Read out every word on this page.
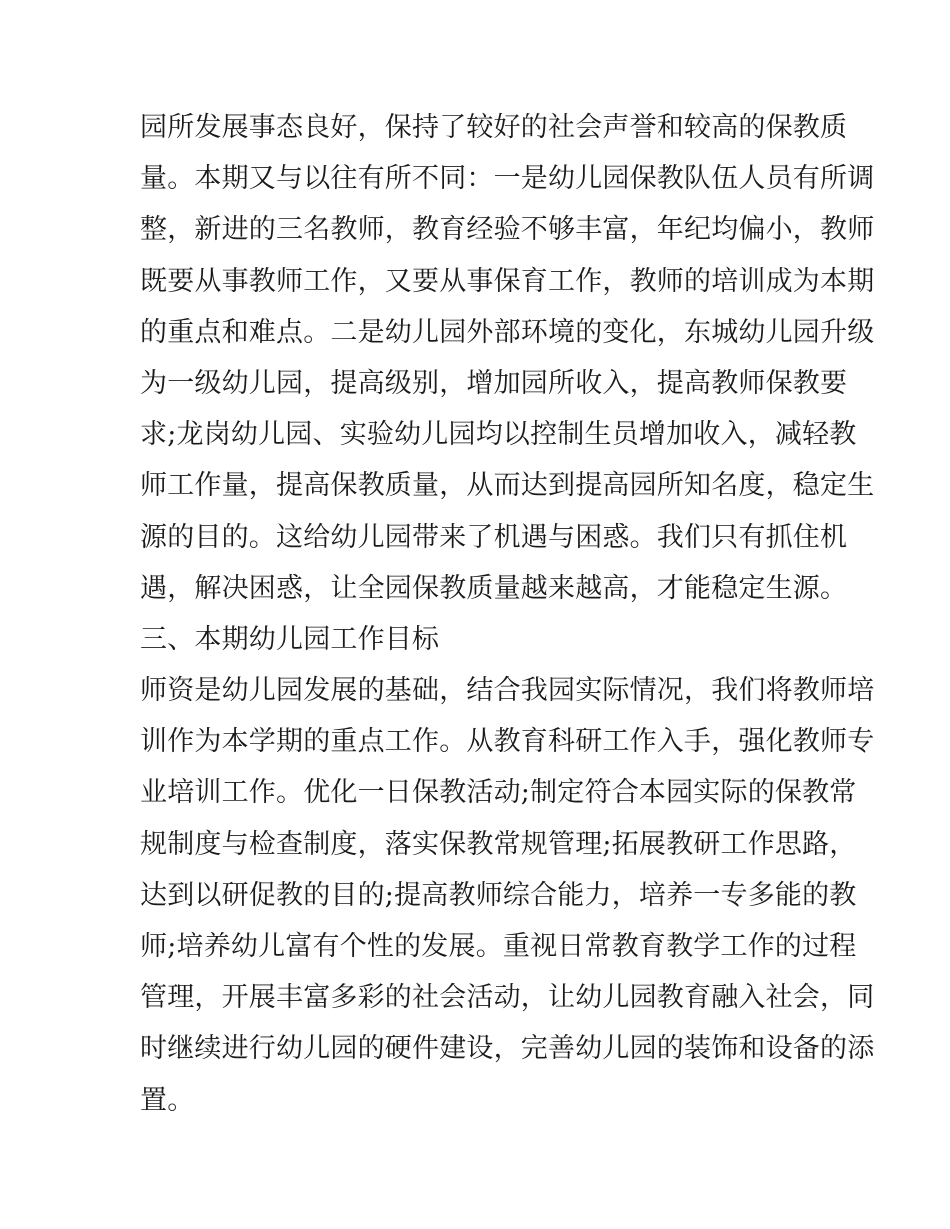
园所发展事态良好，保持了较好的社会声誉和较高的保教质
量。本期又与以往有所不同：一是幼儿园保教队伍人员有所调
整，新进的三名教师，教育经验不够丰富，年纪均偏小，教师
既要从事教师工作，又要从事保育工作，教师的培训成为本期
的重点和难点。二是幼儿园外部环境的变化，东城幼儿园升级
为一级幼儿园，提高级别，增加园所收入，提高教师保教要
求;龙岗幼儿园、实验幼儿园均以控制生员增加收入，减轻教
师工作量，提高保教质量，从而达到提高园所知名度，稳定生
源的目的。这给幼儿园带来了机遇与困惑。我们只有抓住机
遇，解决困惑，让全园保教质量越来越高，才能稳定生源。
三、本期幼儿园工作目标
师资是幼儿园发展的基础，结合我园实际情况，我们将教师培
训作为本学期的重点工作。从教育科研工作入手，强化教师专
业培训工作。优化一日保教活动;制定符合本园实际的保教常
规制度与检查制度，落实保教常规管理;拓展教研工作思路，
达到以研促教的目的;提高教师综合能力，培养一专多能的教
师;培养幼儿富有个性的发展。重视日常教育教学工作的过程
管理，开展丰富多彩的社会活动，让幼儿园教育融入社会，同
时继续进行幼儿园的硬件建设，完善幼儿园的装饰和设备的添
置。
